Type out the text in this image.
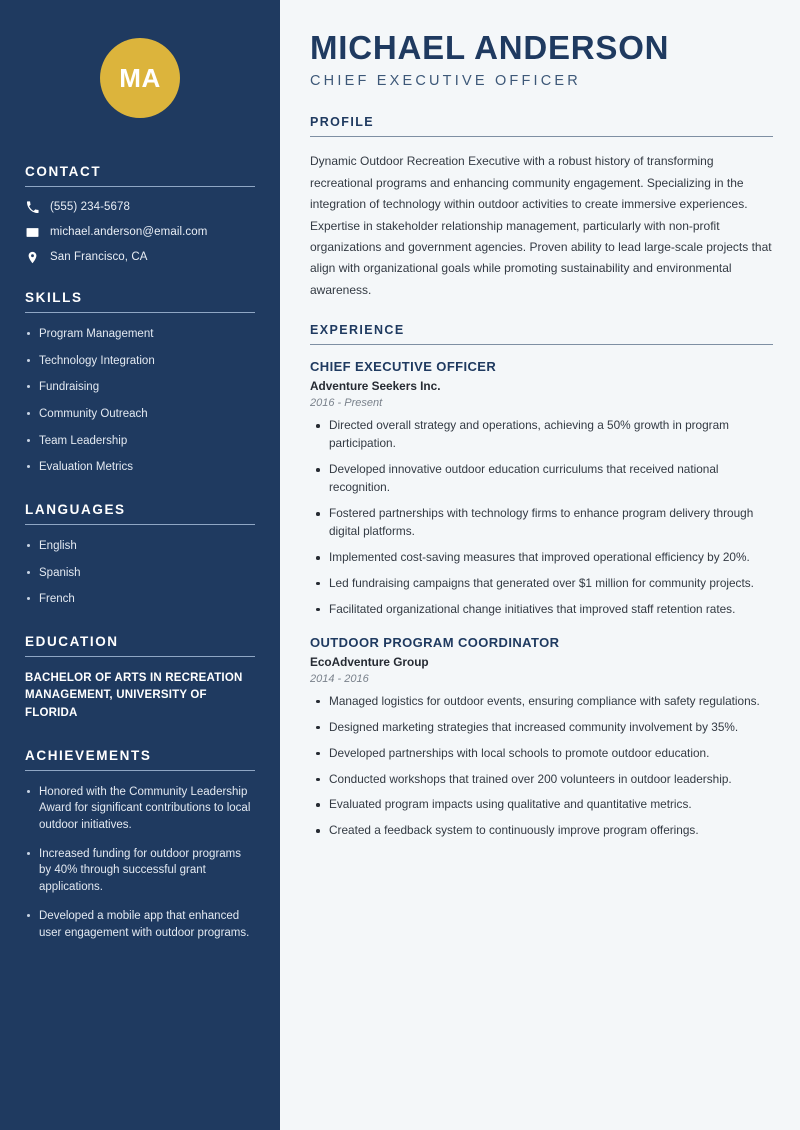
MA
CONTACT
(555) 234-5678
michael.anderson@email.com
San Francisco, CA
SKILLS
Program Management
Technology Integration
Fundraising
Community Outreach
Team Leadership
Evaluation Metrics
LANGUAGES
English
Spanish
French
EDUCATION
BACHELOR OF ARTS IN RECREATION MANAGEMENT, UNIVERSITY OF FLORIDA
ACHIEVEMENTS
Honored with the Community Leadership Award for significant contributions to local outdoor initiatives.
Increased funding for outdoor programs by 40% through successful grant applications.
Developed a mobile app that enhanced user engagement with outdoor programs.
MICHAEL ANDERSON
CHIEF EXECUTIVE OFFICER
PROFILE

Dynamic Outdoor Recreation Executive with a robust history of transforming recreational programs and enhancing community engagement. Specializing in the integration of technology within outdoor activities to create immersive experiences. Expertise in stakeholder relationship management, particularly with non-profit organizations and government agencies. Proven ability to lead large-scale projects that align with organizational goals while promoting sustainability and environmental awareness.

EXPERIENCE
CHIEF EXECUTIVE OFFICER
Adventure Seekers Inc.
2016 - Present
Directed overall strategy and operations, achieving a 50% growth in program participation.
Developed innovative outdoor education curriculums that received national recognition.
Fostered partnerships with technology firms to enhance program delivery through digital platforms.
Implemented cost-saving measures that improved operational efficiency by 20%.
Led fundraising campaigns that generated over $1 million for community projects.
Facilitated organizational change initiatives that improved staff retention rates.
OUTDOOR PROGRAM COORDINATOR
EcoAdventure Group
2014 - 2016
Managed logistics for outdoor events, ensuring compliance with safety regulations.
Designed marketing strategies that increased community involvement by 35%.
Developed partnerships with local schools to promote outdoor education.
Conducted workshops that trained over 200 volunteers in outdoor leadership.
Evaluated program impacts using qualitative and quantitative metrics.
Created a feedback system to continuously improve program offerings.
